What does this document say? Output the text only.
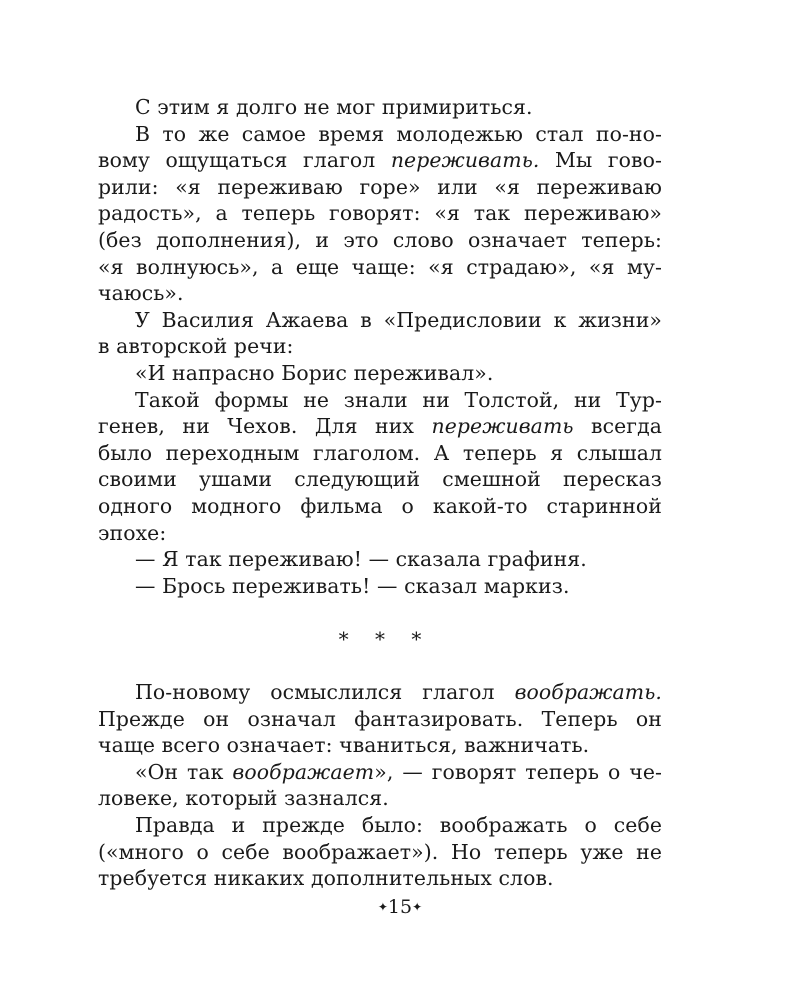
С этим я долго не мог примириться.
В то же самое время молодежью стал по-но-
вому ощущаться глагол переживать. Мы гово-
рили: «я переживаю горе» или «я переживаю
радость», а теперь говорят: «я так переживаю»
(без дополнения), и это слово означает теперь:
«я волнуюсь», а еще чаще: «я страдаю», «я му-
чаюсь».
У Василия Ажаева в «Предисловии к жизни»
в авторской речи:
«И напрасно Борис переживал».
Такой формы не знали ни Толстой, ни Тур-
генев, ни Чехов. Для них переживать всегда
было переходным глаголом. А теперь я слышал
своими ушами следующий смешной пересказ
одного модного фильма о какой-то старинной
эпохе:
— Я так переживаю! — сказала графиня.
— Брось переживать! — сказал маркиз.
* * *
По-новому осмыслился глагол воображать.
Прежде он означал фантазировать. Теперь он
чаще всего означает: чваниться, важничать.
«Он так воображает», — говорят теперь о че-
ловеке, который зазнался.
Правда и прежде было: воображать о себе
(«много о себе воображает»). Но теперь уже не
требуется никаких дополнительных слов.
✦15✦
